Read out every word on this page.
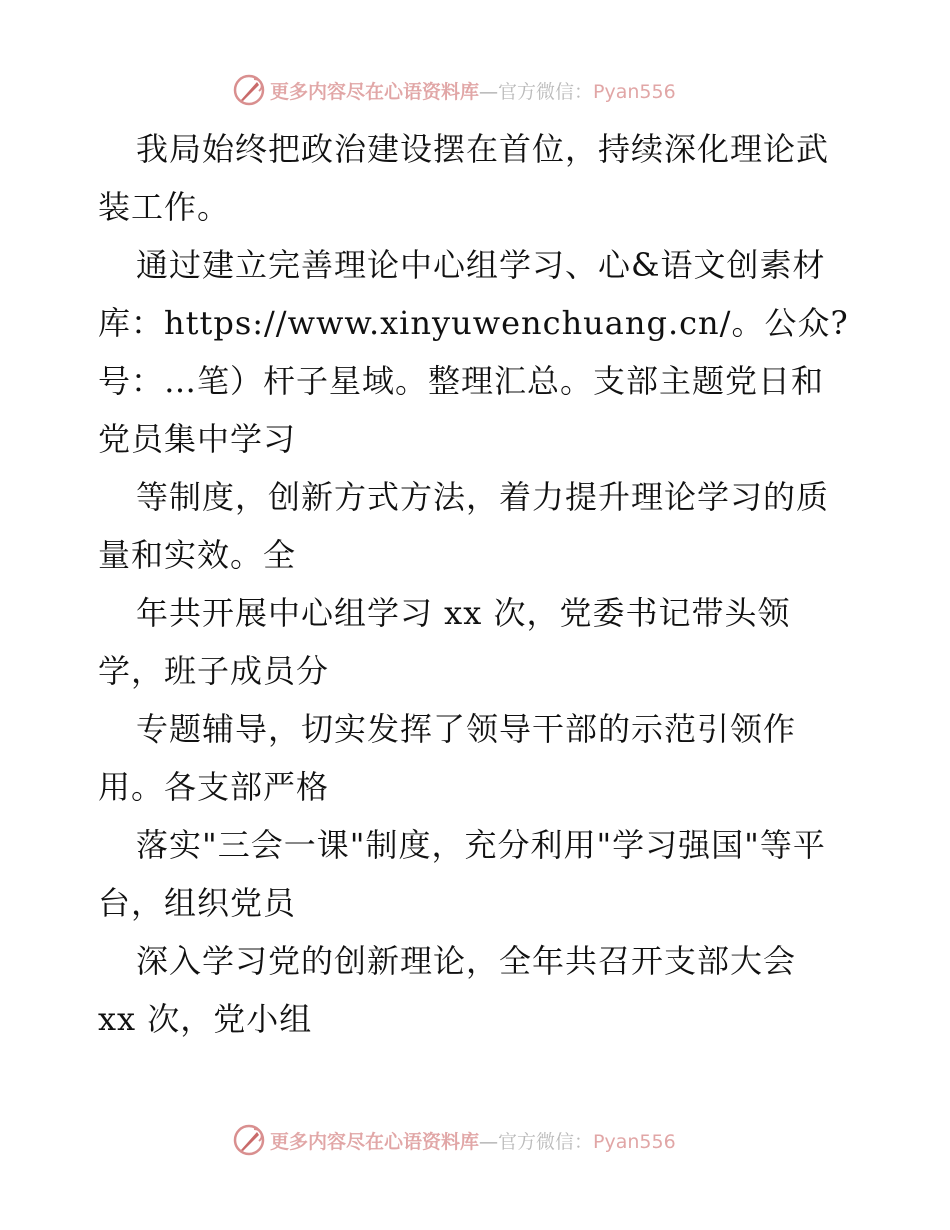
更多内容尽在心语资料库—官方微信：Pyan556
我局始终把政治建设摆在首位，持续深化理论武
装工作。
通过建立完善理论中心组学习、心&语文创素材
库：https://www.xinyuwenchuang.cn/。公众?
号：…笔）杆子星域。整理汇总。支部主题党日和
党员集中学习
等制度，创新方式方法，着力提升理论学习的质
量和实效。全
年共开展中心组学习 xx 次，党委书记带头领
学，班子成员分
专题辅导，切实发挥了领导干部的示范引领作
用。各支部严格
落实"三会一课"制度，充分利用"学习强国"等平
台，组织党员
深入学习党的创新理论，全年共召开支部大会
xx 次，党小组
更多内容尽在心语资料库—官方微信：Pyan556
